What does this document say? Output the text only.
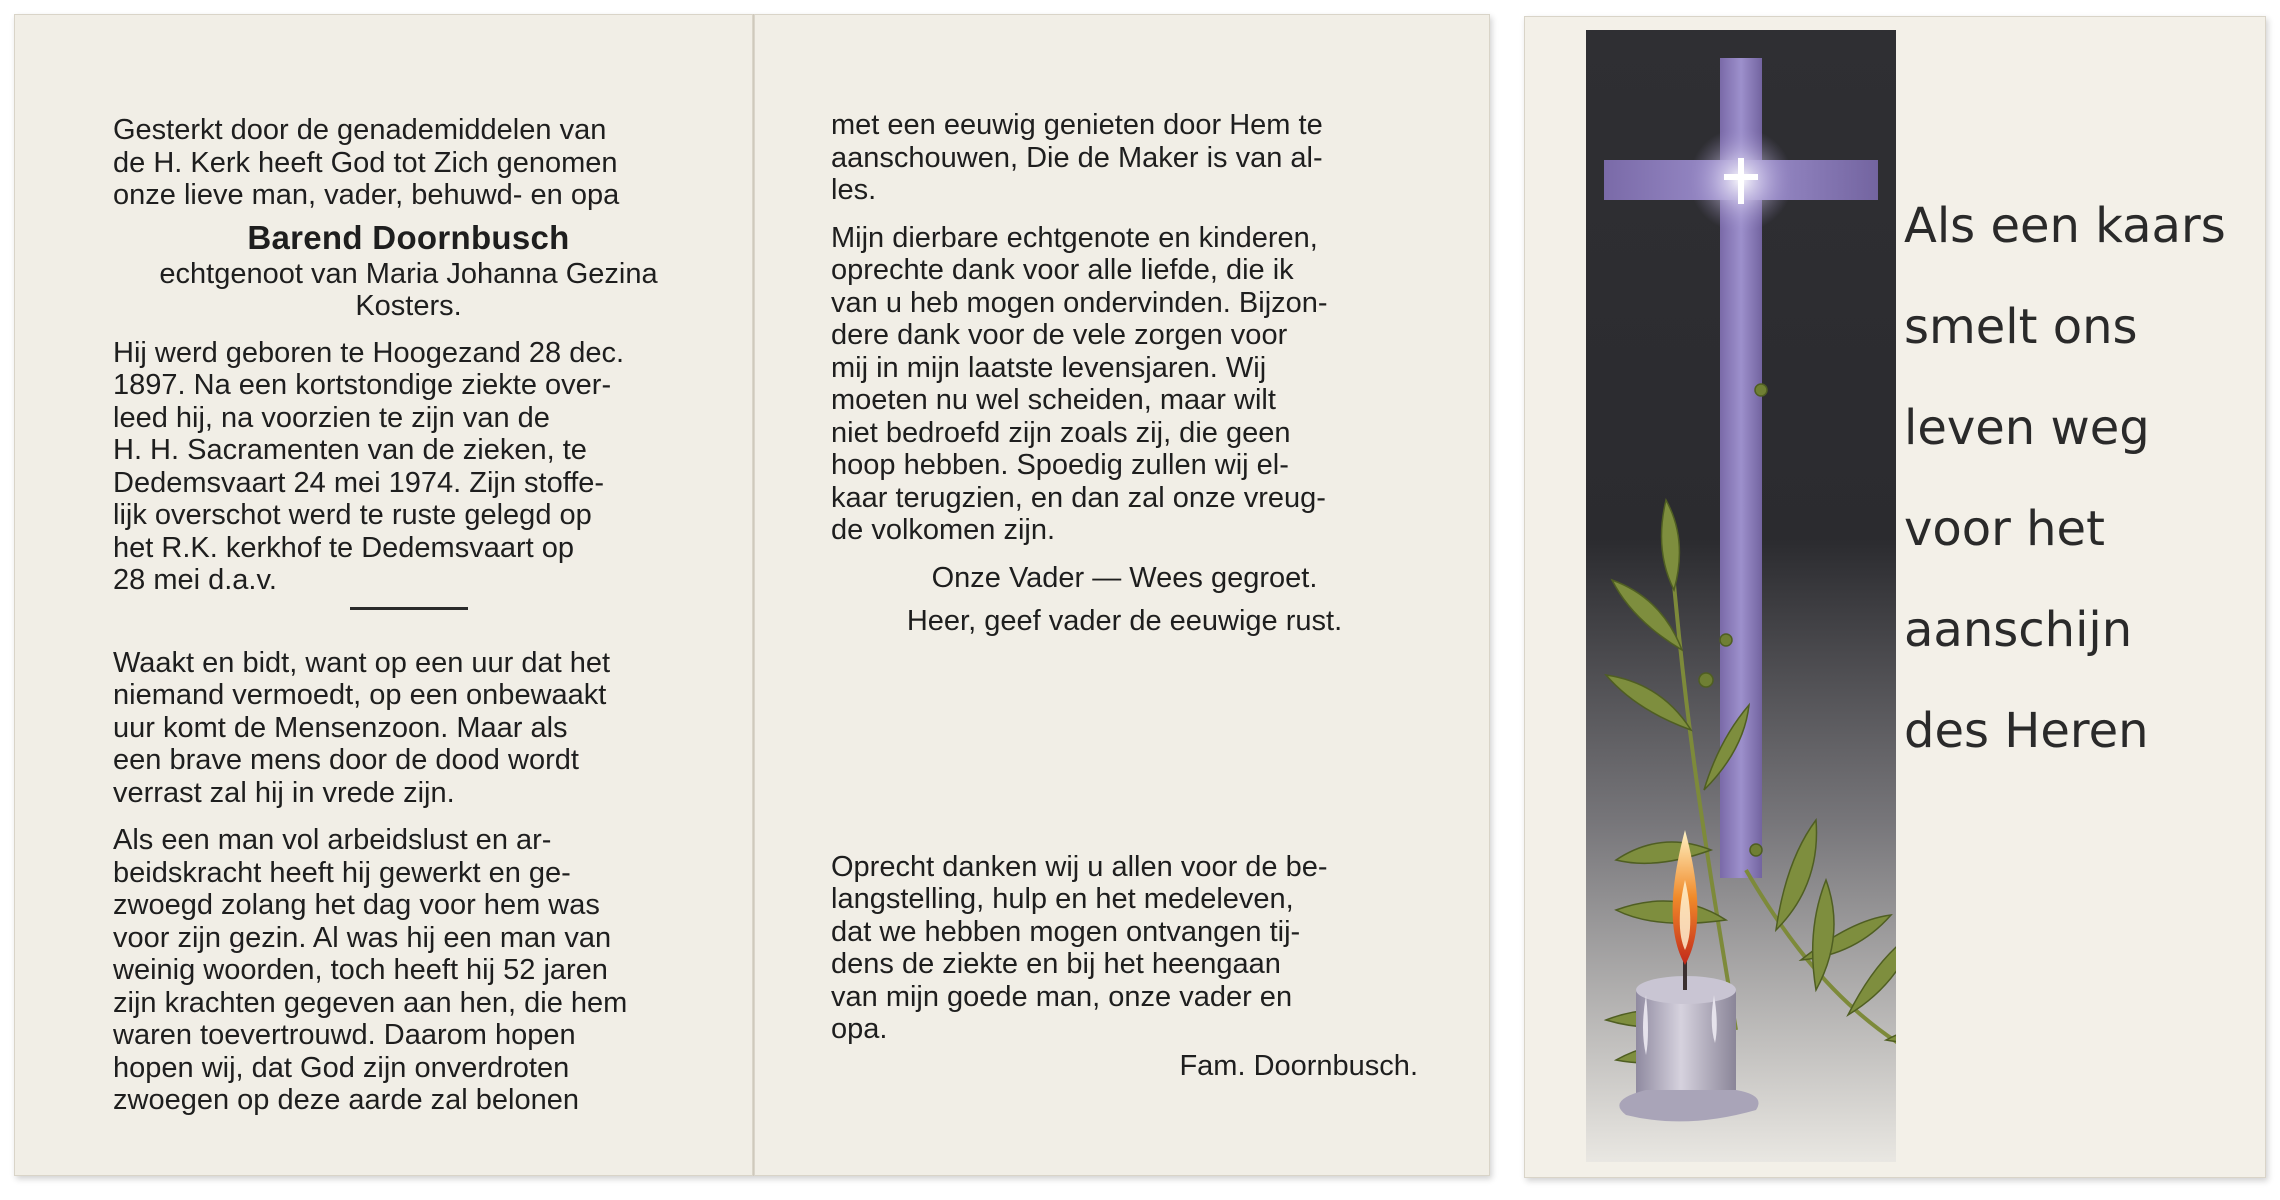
Gesterkt door de genademiddelen van
de H. Kerk heeft God tot Zich genomen
onze lieve man, vader, behuwd- en opa

Barend Doornbusch

echtgenoot van Maria Johanna Gezina
Kosters.

Hij werd geboren te Hoogezand 28 dec.
1897. Na een kortstondige ziekte over-
leed hij, na voorzien te zijn van de
H. H. Sacramenten van de zieken, te
Dedemsvaart 24 mei 1974. Zijn stoffe-
lijk overschot werd te ruste gelegd op
het R.K. kerkhof te Dedemsvaart op
28 mei d.a.v.

Waakt en bidt, want op een uur dat het
niemand vermoedt, op een onbewaakt
uur komt de Mensenzoon. Maar als
een brave mens door de dood wordt
verrast zal hij in vrede zijn.

Als een man vol arbeidslust en ar-
beidskracht heeft hij gewerkt en ge-
zwoegd zolang het dag voor hem was
voor zijn gezin. Al was hij een man van
weinig woorden, toch heeft hij 52 jaren
zijn krachten gegeven aan hen, die hem
waren toevertrouwd. Daarom hopen
hopen wij, dat God zijn onverdroten
zwoegen op deze aarde zal belonen

met een eeuwig genieten door Hem te
aanschouwen, Die de Maker is van al-
les.

Mijn dierbare echtgenote en kinderen,
oprechte dank voor alle liefde, die ik
van u heb mogen ondervinden. Bijzon-
dere dank voor de vele zorgen voor
mij in mijn laatste levensjaren. Wij
moeten nu wel scheiden, maar wilt
niet bedroefd zijn zoals zij, die geen
hoop hebben. Spoedig zullen wij el-
kaar terugzien, en dan zal onze vreug-
de volkomen zijn.

Onze Vader — Wees gegroet.

Heer, geef vader de eeuwige rust.

Oprecht danken wij u allen voor de be-
langstelling, hulp en het medeleven,
dat we hebben mogen ontvangen tij-
dens de ziekte en bij het heengaan
van mijn goede man, onze vader en
opa.

Fam. Doornbusch.

Als een kaars
smelt ons
leven weg
voor het
aanschijn
des Heren
